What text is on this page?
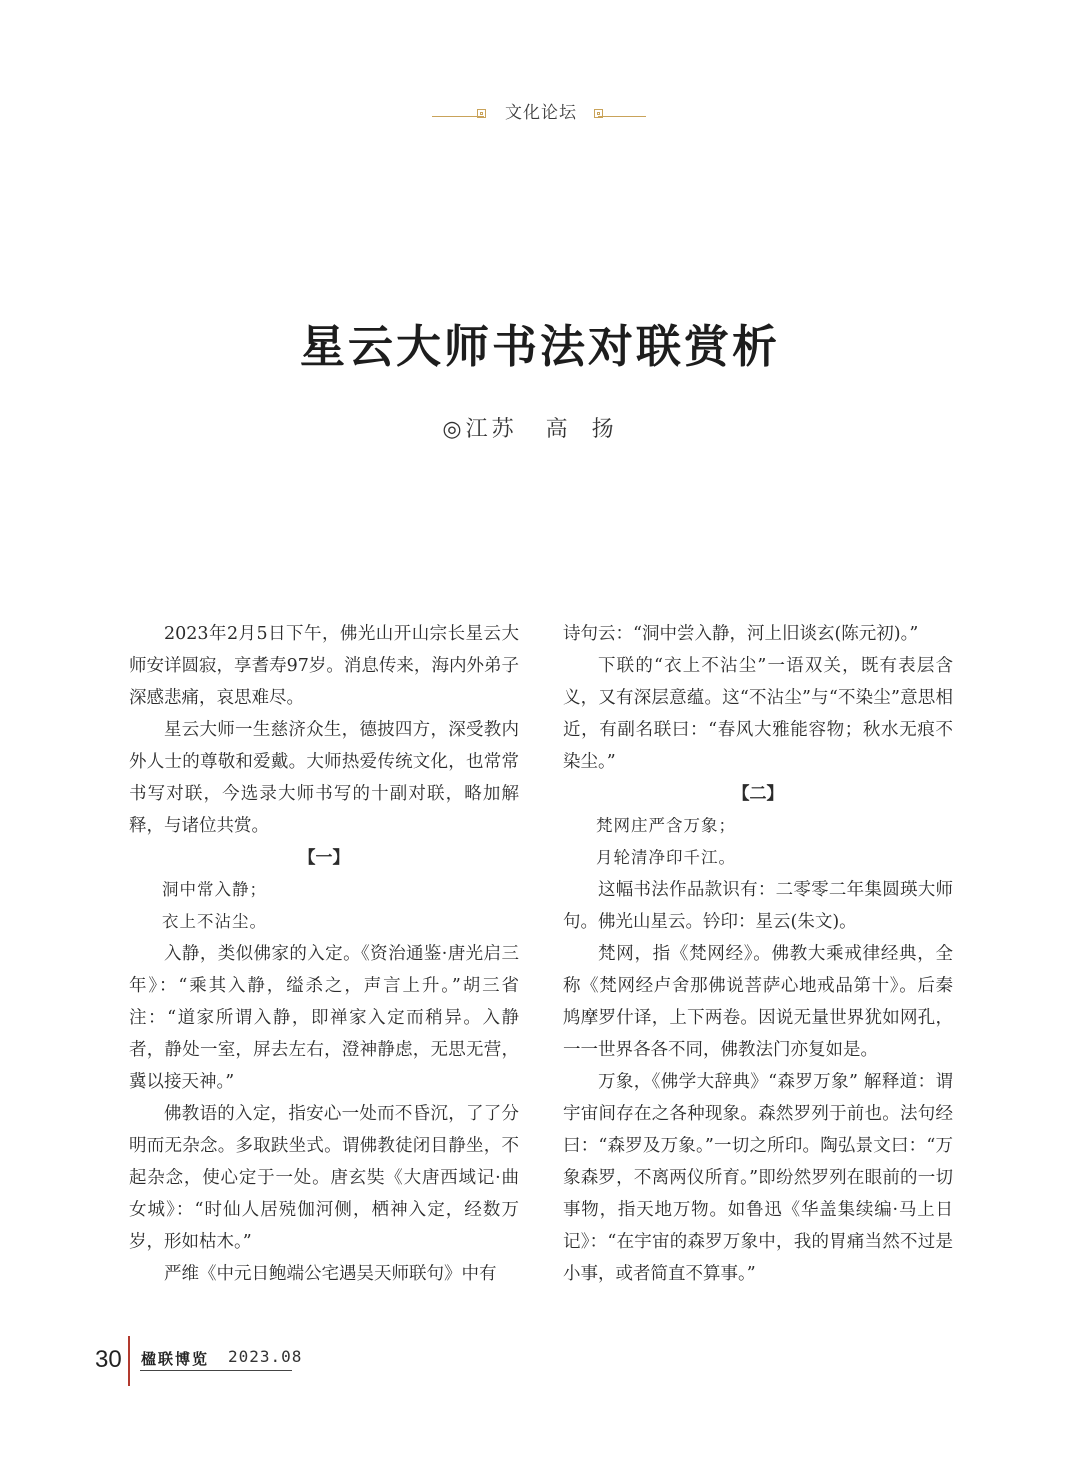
文化论坛
星云大师书法对联赏析
◎ 江苏 高扬

2023年2月5日下午，佛光山开山宗长星云大师安详圆寂，享耆寿97岁。消息传来，海内外弟子深感悲痛，哀思难尽。

星云大师一生慈济众生，德披四方，深受教内外人士的尊敬和爱戴。大师热爱传统文化，也常常书写对联，今选录大师书写的十副对联，略加解释，与诸位共赏。

【一】

洞中常入静；

衣上不沾尘。

入静，类似佛家的入定。《资治通鉴·唐光启三年》：“乘其入静，缢杀之，声言上升。”胡三省注：“道家所谓入静，即禅家入定而稍异。入静者，静处一室，屏去左右，澄神静虑，无思无营，冀以接天神。”

佛教语的入定，指安心一处而不昏沉，了了分明而无杂念。多取趺坐式。谓佛教徒闭目静坐，不起杂念，使心定于一处。唐玄奘《大唐西域记·曲女城》：“时仙人居殑伽河侧，栖神入定，经数万岁，形如枯木。”

严维《中元日鲍端公宅遇吴天师联句》中有

诗句云：“洞中尝入静，河上旧谈玄(陈元初)。”

下联的“衣上不沾尘”一语双关，既有表层含义，又有深层意蕴。这“不沾尘”与“不染尘”意思相近，有副名联曰：“春风大雅能容物；秋水无痕不染尘。”

【二】

梵网庄严含万象；

月轮清净印千江。

这幅书法作品款识有：二零零二年集圆瑛大师句。佛光山星云。钤印：星云(朱文)。

梵网，指《梵网经》。佛教大乘戒律经典，全称《梵网经卢舍那佛说菩萨心地戒品第十》。后秦鸠摩罗什译，上下两卷。因说无量世界犹如网孔，一一世界各各不同，佛教法门亦复如是。

万象，《佛学大辞典》“森罗万象” 解释道：谓宇宙间存在之各种现象。森然罗列于前也。法句经曰：“森罗及万象。”一切之所印。陶弘景文曰：“万象森罗，不离两仪所育。”即纷然罗列在眼前的一切事物，指天地万物。如鲁迅《华盖集续编·马上日记》：“在宇宙的森罗万象中，我的胃痛当然不过是小事，或者简直不算事。”

30 楹联博览 2023.08
